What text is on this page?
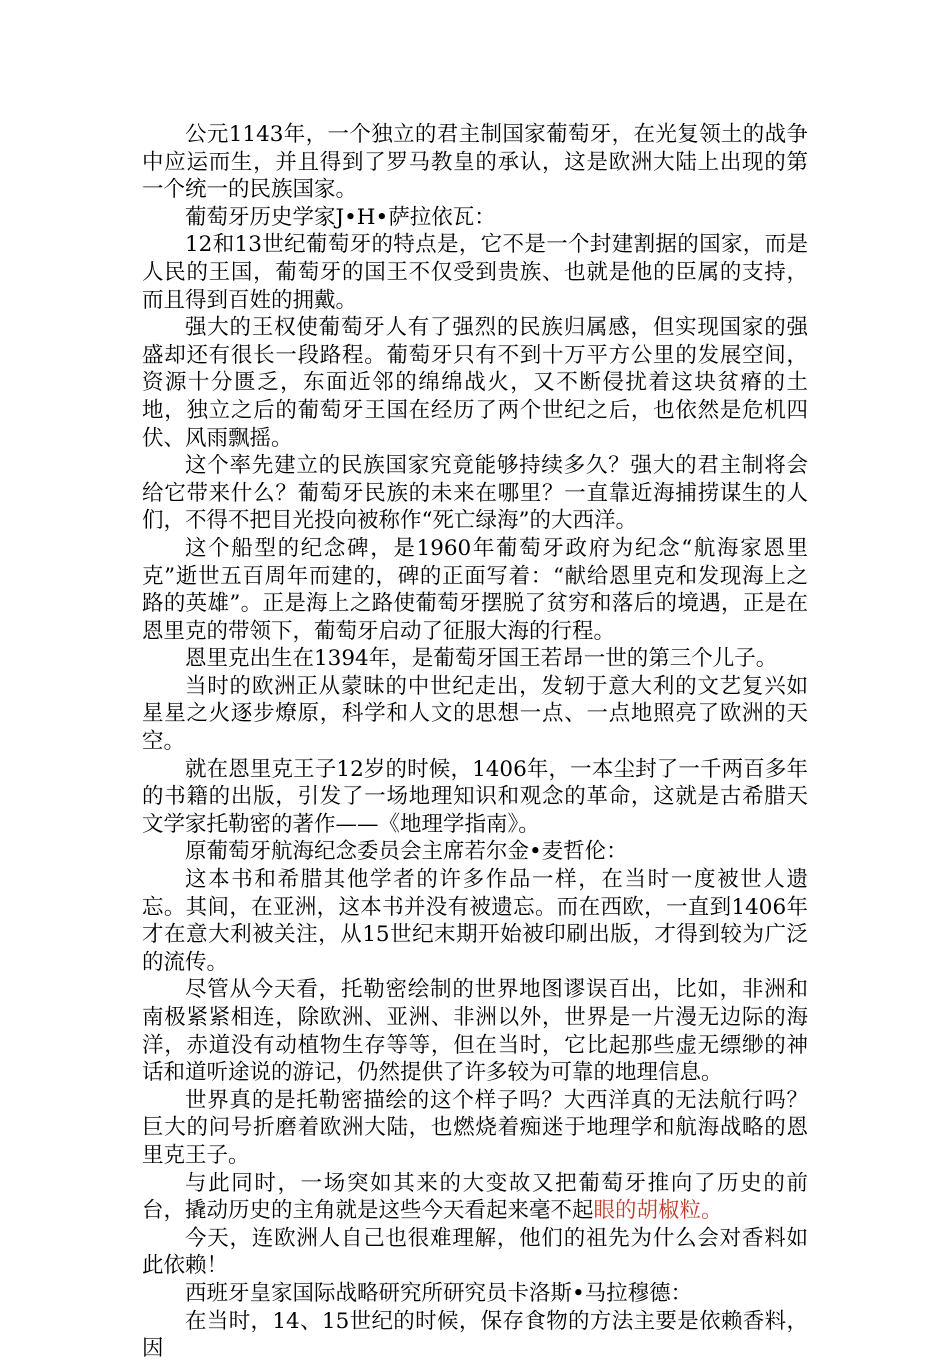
公元1143年，一个独立的君主制国家葡萄牙，在光复领土的战争中应运而生，并且得到了罗马教皇的承认，这是欧洲大陆上出现的第一个统一的民族国家。

葡萄牙历史学家J•H•萨拉依瓦：

12和13世纪葡萄牙的特点是，它不是一个封建割据的国家，而是人民的王国，葡萄牙的国王不仅受到贵族、也就是他的臣属的支持，而且得到百姓的拥戴。

强大的王权使葡萄牙人有了强烈的民族归属感，但实现国家的强盛却还有很长一段路程。葡萄牙只有不到十万平方公里的发展空间，资源十分匮乏，东面近邻的绵绵战火，又不断侵扰着这块贫瘠的土地，独立之后的葡萄牙王国在经历了两个世纪之后，也依然是危机四伏、风雨飘摇。

这个率先建立的民族国家究竟能够持续多久？强大的君主制将会给它带来什么？葡萄牙民族的未来在哪里？一直靠近海捕捞谋生的人们，不得不把目光投向被称作“死亡绿海”的大西洋。

这个船型的纪念碑，是1960年葡萄牙政府为纪念“航海家恩里克”逝世五百周年而建的，碑的正面写着：“献给恩里克和发现海上之路的英雄”。正是海上之路使葡萄牙摆脱了贫穷和落后的境遇，正是在恩里克的带领下，葡萄牙启动了征服大海的行程。

恩里克出生在1394年，是葡萄牙国王若昂一世的第三个儿子。

当时的欧洲正从蒙昧的中世纪走出，发轫于意大利的文艺复兴如星星之火逐步燎原，科学和人文的思想一点、一点地照亮了欧洲的天空。

就在恩里克王子12岁的时候，1406年，一本尘封了一千两百多年的书籍的出版，引发了一场地理知识和观念的革命，这就是古希腊天文学家托勒密的著作——《地理学指南》。

原葡萄牙航海纪念委员会主席若尔金•麦哲伦：

这本书和希腊其他学者的许多作品一样，在当时一度被世人遗忘。其间，在亚洲，这本书并没有被遗忘。而在西欧，一直到1406年才在意大利被关注，从15世纪末期开始被印刷出版，才得到较为广泛的流传。

尽管从今天看，托勒密绘制的世界地图谬误百出，比如，非洲和南极紧紧相连，除欧洲、亚洲、非洲以外，世界是一片漫无边际的海洋，赤道没有动植物生存等等，但在当时，它比起那些虚无缥缈的神话和道听途说的游记，仍然提供了许多较为可靠的地理信息。

世界真的是托勒密描绘的这个样子吗？大西洋真的无法航行吗？巨大的问号折磨着欧洲大陆，也燃烧着痴迷于地理学和航海战略的恩里克王子。

与此同时，一场突如其来的大变故又把葡萄牙推向了历史的前台，撬动历史的主角就是这些今天看起来毫不起眼的胡椒粒。

今天，连欧洲人自己也很难理解，他们的祖先为什么会对香料如此依赖！

西班牙皇家国际战略研究所研究员卡洛斯•马拉穆德：

在当时，14、15世纪的时候，保存食物的方法主要是依赖香料，因
